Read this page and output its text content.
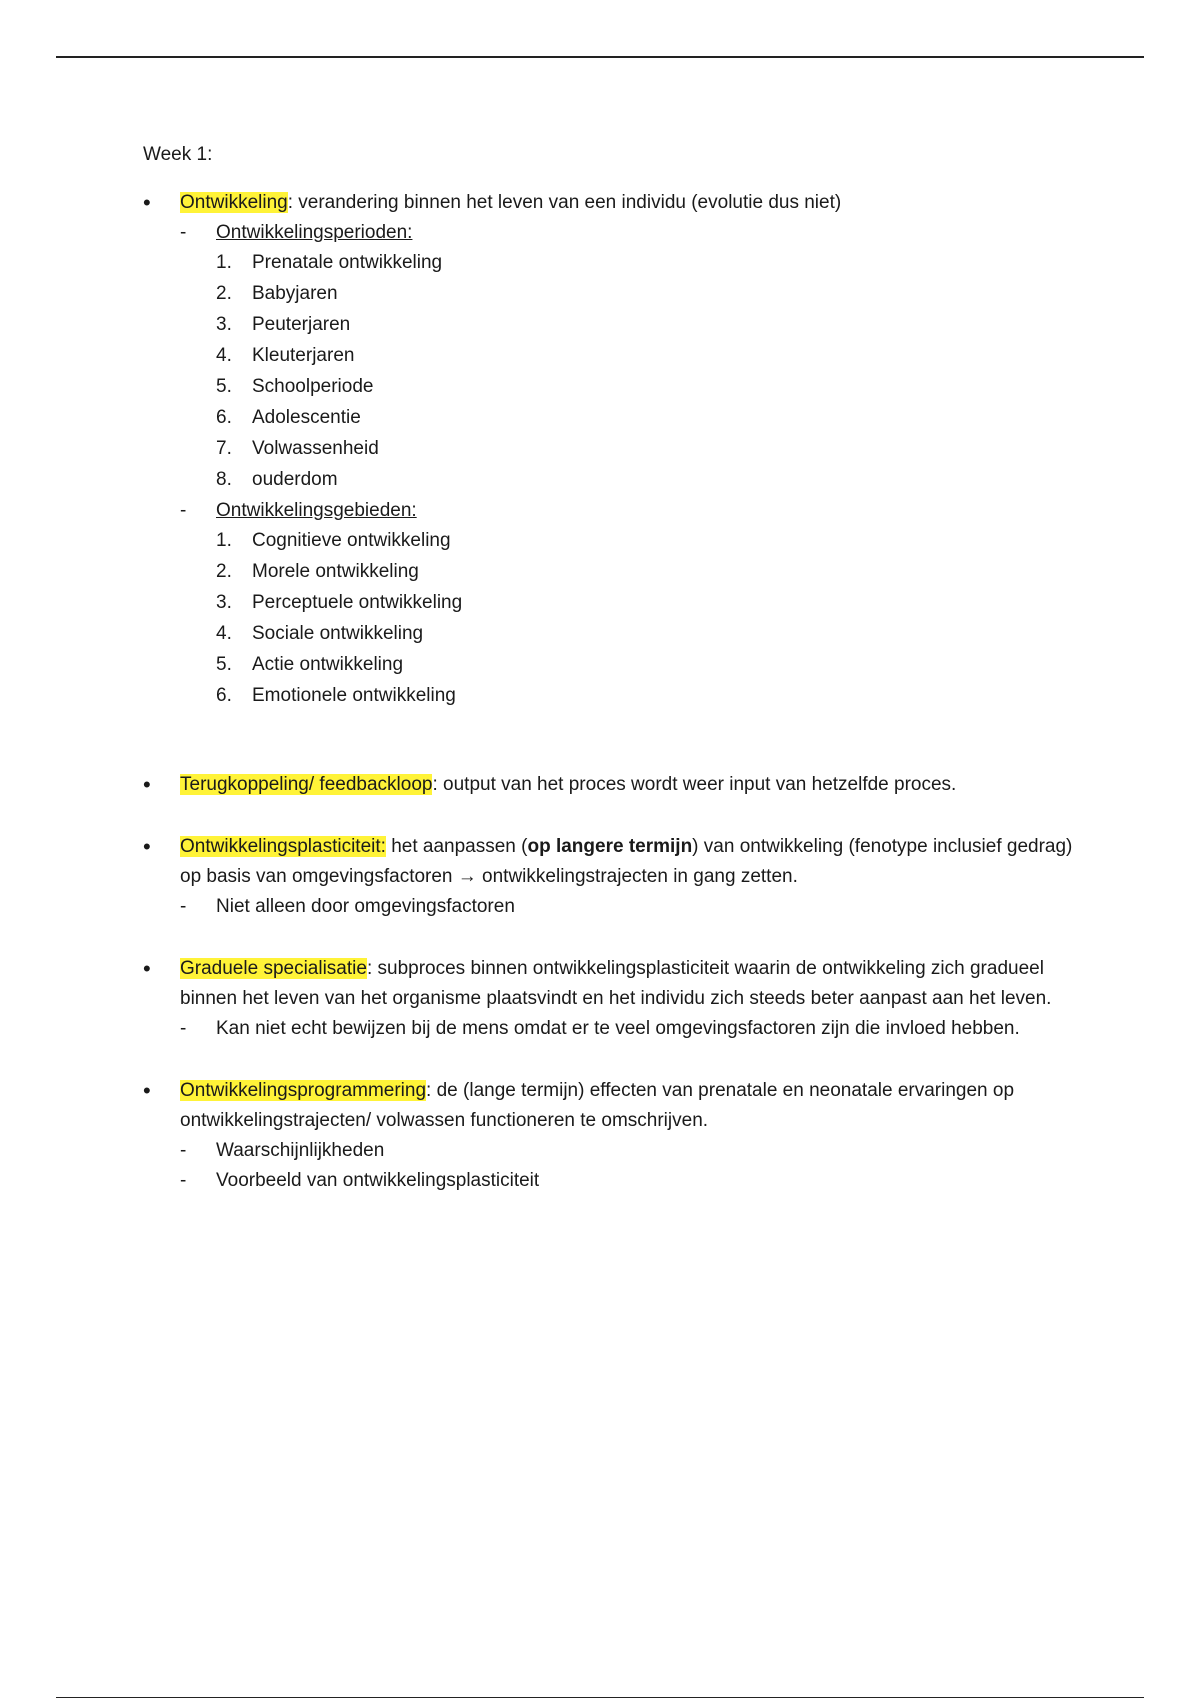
Week 1:
•	Ontwikkeling: verandering binnen het leven van een individu (evolutie dus niet)
- Ontwikkelingsperioden:
1. Prenatale ontwikkeling
2. Babyjaren
3. Peuterjaren
4. Kleuterjaren
5. Schoolperiode
6. Adolescentie
7. Volwassenheid
8. ouderdom
- Ontwikkelingsgebieden:
1. Cognitieve ontwikkeling
2. Morele ontwikkeling
3. Perceptuele ontwikkeling
4. Sociale ontwikkeling
5. Actie ontwikkeling
6. Emotionele ontwikkeling
•	Terugkoppeling/ feedbackloop: output van het proces wordt weer input van hetzelfde proces.
•	Ontwikkelingsplasticiteit: het aanpassen (op langere termijn) van ontwikkeling (fenotype inclusief gedrag) op basis van omgevingsfactoren → ontwikkelingstrajecten in gang zetten.
- Niet alleen door omgevingsfactoren
•	Graduele specialisatie: subproces binnen ontwikkelingsplasticiteit waarin de ontwikkeling zich gradueel binnen het leven van het organisme plaatsvindt en het individu zich steeds beter aanpast aan het leven.
- Kan niet echt bewijzen bij de mens omdat er te veel omgevingsfactoren zijn die invloed hebben.
•	Ontwikkelingsprogrammering: de (lange termijn) effecten van prenatale en neonatale ervaringen op ontwikkelingstrajecten/ volwassen functioneren te omschrijven.
- Waarschijnlijkheden
- Voorbeeld van ontwikkelingsplasticiteit
